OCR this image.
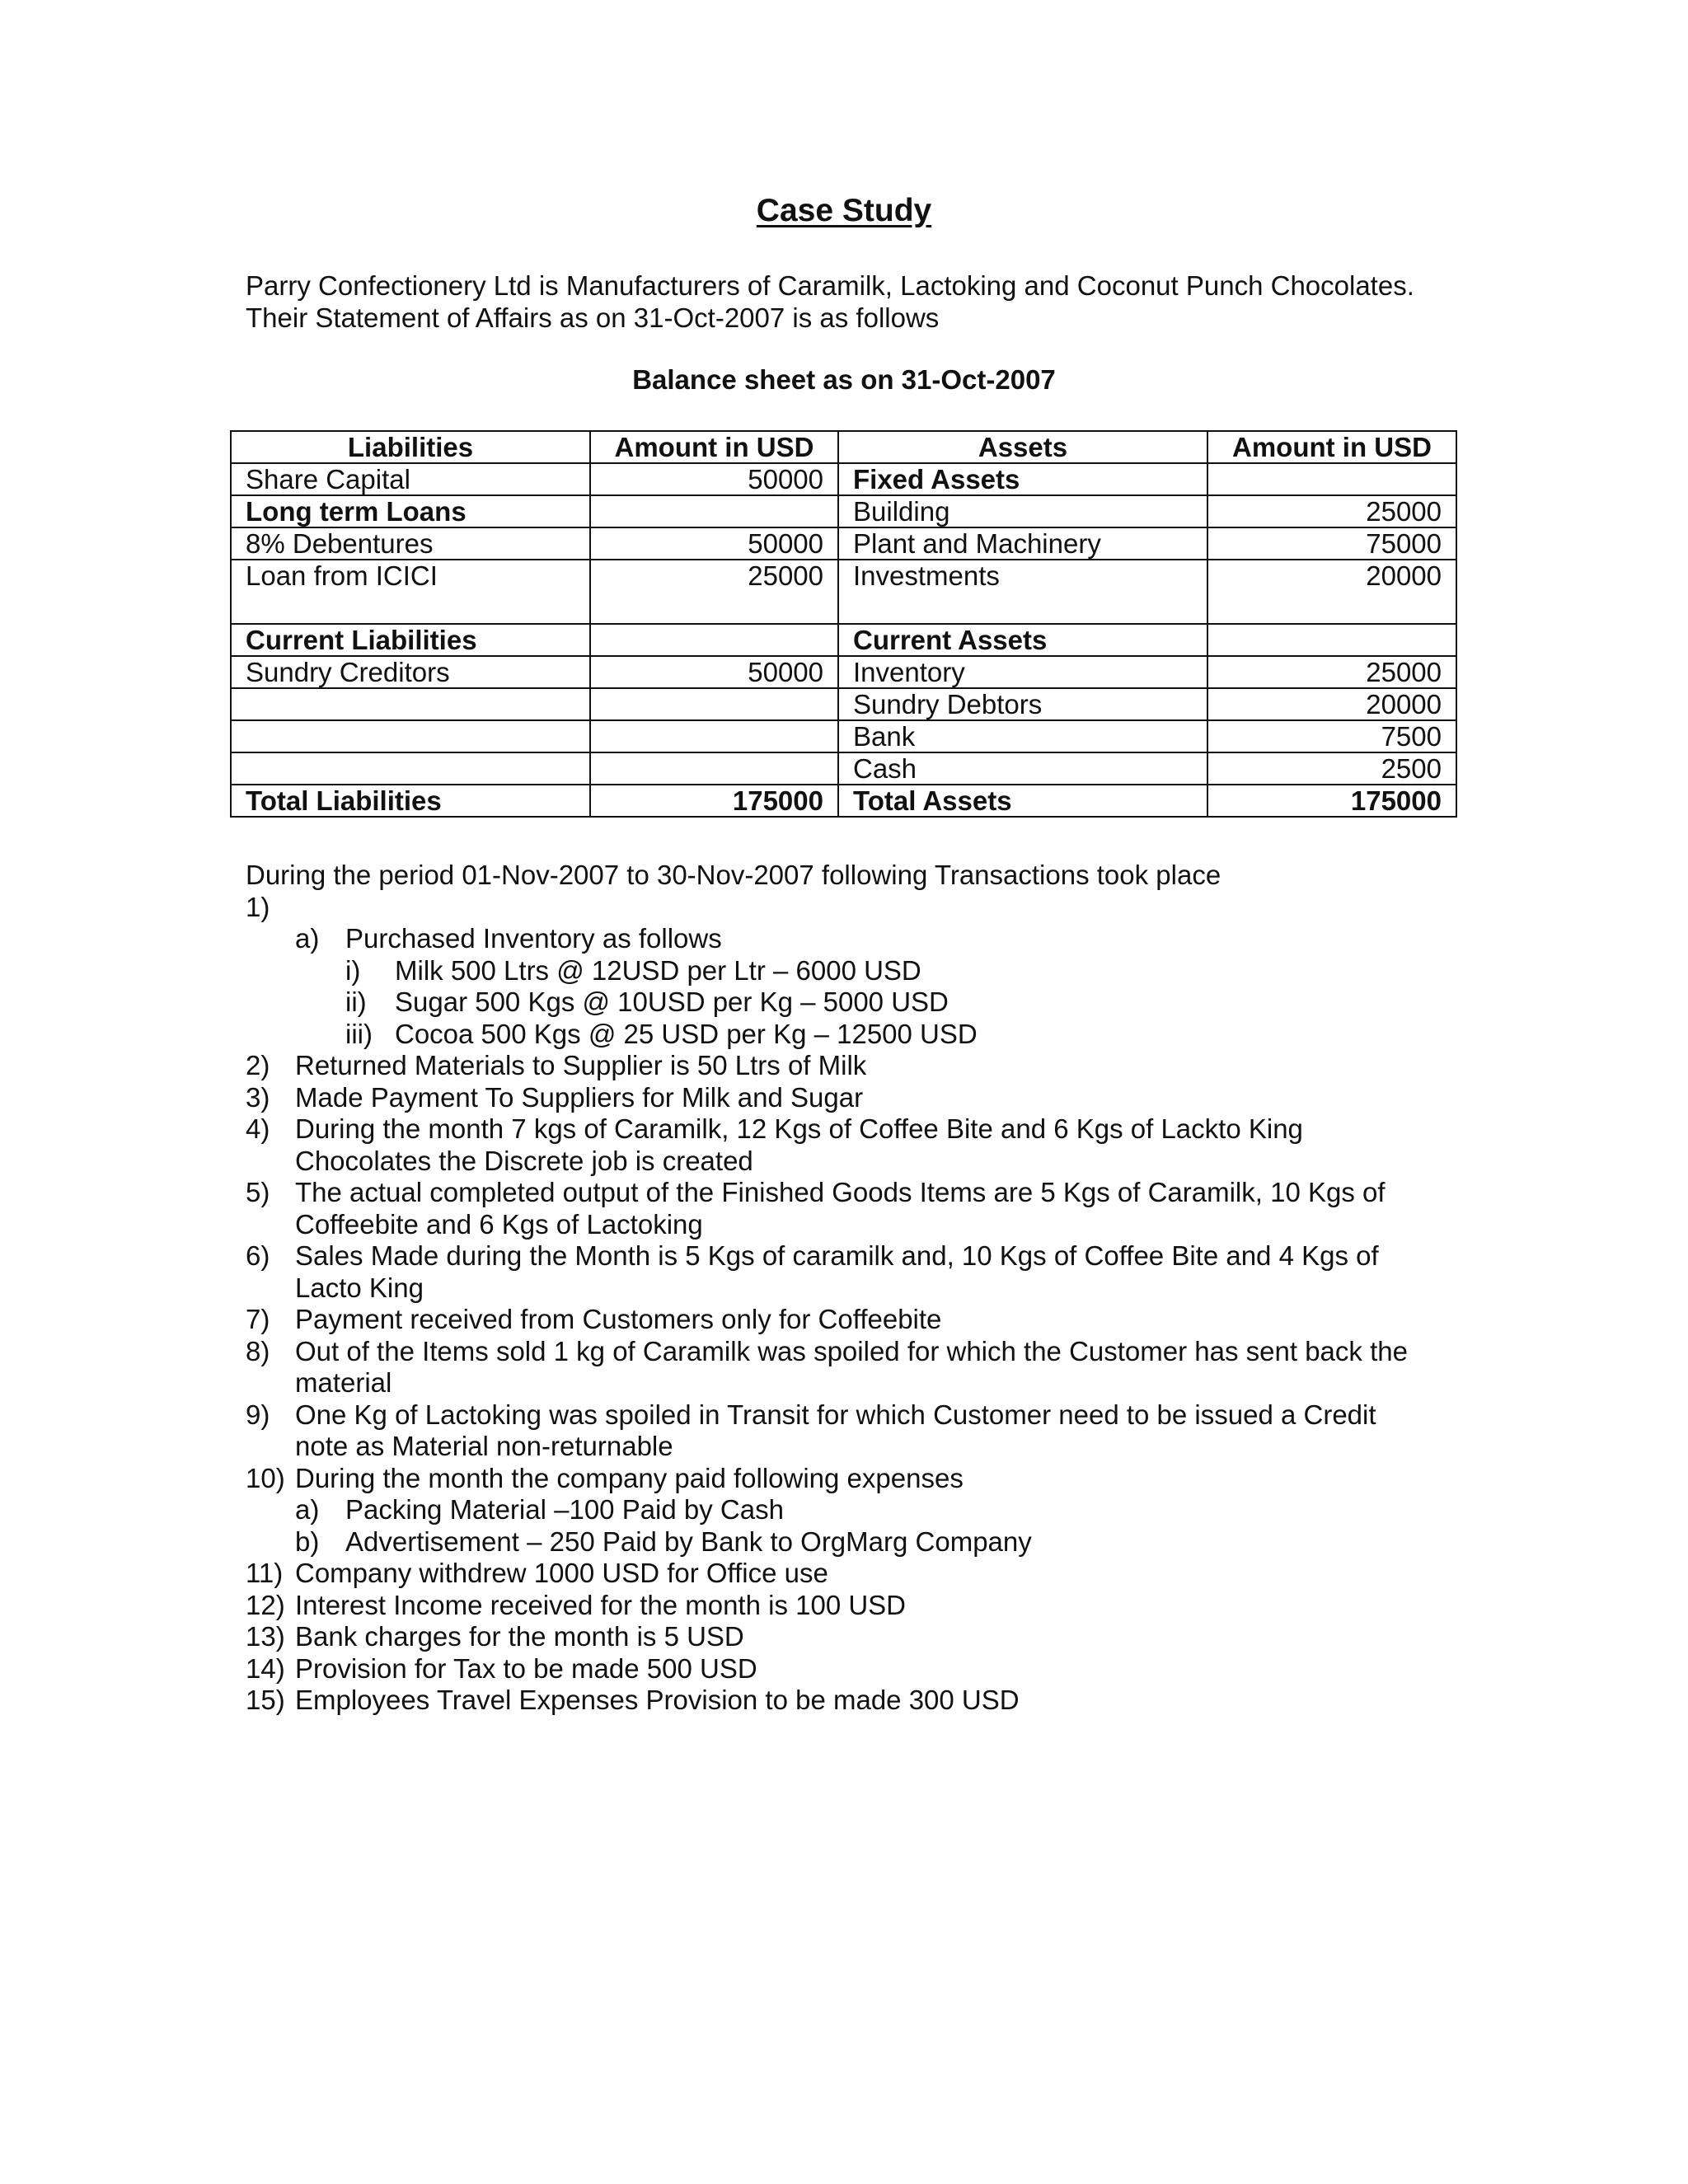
Case Study
Parry Confectionery Ltd is Manufacturers of Caramilk, Lactoking and Coconut Punch Chocolates.
Their Statement of Affairs as on 31-Oct-2007 is as follows
Balance sheet as on 31-Oct-2007
Liabilities	Amount in USD	Assets	Amount in USD
Share Capital	50000	Fixed Assets	
Long term Loans		Building	25000
8% Debentures	50000	Plant and Machinery	75000
Loan from ICICI	25000	Investments	20000
Current Liabilities		Current Assets	
Sundry Creditors	50000	Inventory	25000
		Sundry Debtors	20000
		Bank	7500
		Cash	2500
Total Liabilities	175000	Total Assets	175000
During the period 01-Nov-2007 to 30-Nov-2007 following Transactions took place
1)

a) Purchased Inventory as follows
i) Milk 500 Ltrs @ 12USD per Ltr – 6000 USD
ii) Sugar 500 Kgs @ 10USD per Kg – 5000 USD
iii) Cocoa 500 Kgs @ 25 USD per Kg – 12500 USD
2) Returned Materials to Supplier is 50 Ltrs of Milk
3) Made Payment To Suppliers for Milk and Sugar
4) During the month 7 kgs of Caramilk, 12 Kgs of Coffee Bite and 6 Kgs of Lackto King
Chocolates the Discrete job is created
5) The actual completed output of the Finished Goods Items are 5 Kgs of Caramilk, 10 Kgs of
Coffeebite and 6 Kgs of Lactoking
6) Sales Made during the Month is 5 Kgs of caramilk and, 10 Kgs of Coffee Bite and 4 Kgs of
Lacto King
7) Payment received from Customers only for Coffeebite
8) Out of the Items sold 1 kg of Caramilk was spoiled for which the Customer has sent back the
material
9) One Kg of Lactoking was spoiled in Transit for which Customer need to be issued a Credit
note as Material non-returnable
10) During the month the company paid following expenses
a) Packing Material –100 Paid by Cash
b) Advertisement – 250 Paid by Bank to OrgMarg Company
11) Company withdrew 1000 USD for Office use
12) Interest Income received for the month is 100 USD
13) Bank charges for the month is 5 USD
14) Provision for Tax to be made 500 USD
15) Employees Travel Expenses Provision to be made 300 USD
